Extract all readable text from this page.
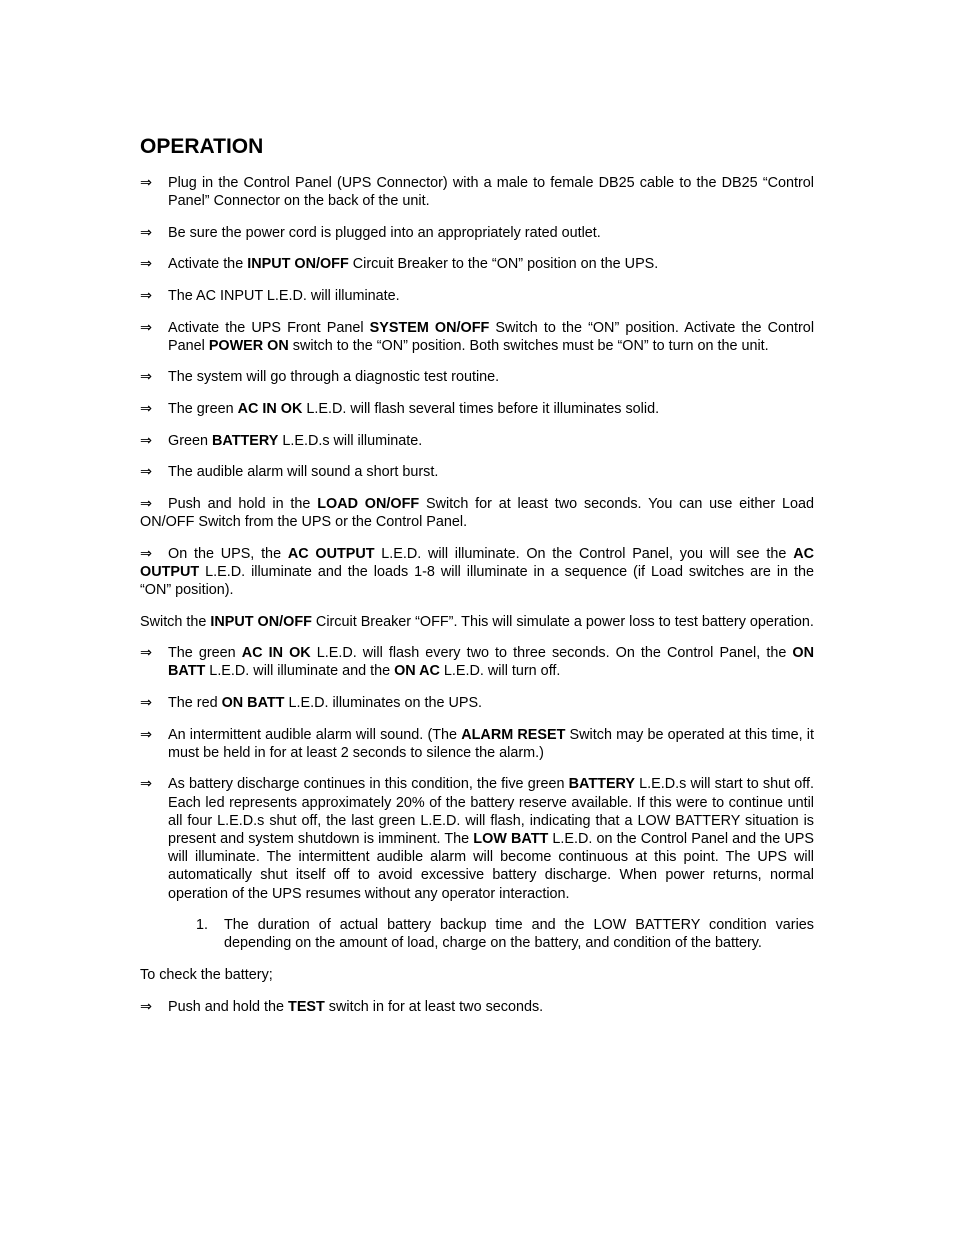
OPERATION
⇒	Plug in the Control Panel (UPS Connector) with a male to female DB25 cable to the DB25 “Control Panel” Connector on the back of the unit.
⇒	Be sure the power cord is plugged into an appropriately rated outlet.
⇒	Activate the INPUT ON/OFF Circuit Breaker to the “ON” position on the UPS.
⇒	The AC INPUT L.E.D. will illuminate.
⇒	Activate the UPS Front Panel SYSTEM ON/OFF Switch to the “ON” position. Activate the Control Panel POWER ON switch to the “ON” position. Both switches must be “ON” to turn on the unit.
⇒	The system will go through a diagnostic test routine.
⇒	The green AC IN OK L.E.D. will flash several times before it illuminates solid.
⇒	Green BATTERY L.E.D.s will illuminate.
⇒	The audible alarm will sound a short burst.
⇒ Push and hold in the LOAD ON/OFF Switch for at least two seconds. You can use either Load ON/OFF Switch from the UPS or the Control Panel.
⇒ On the UPS, the AC OUTPUT L.E.D. will illuminate. On the Control Panel, you will see the AC OUTPUT L.E.D. illuminate and the loads 1-8 will illuminate in a sequence (if Load switches are in the “ON” position).
Switch the INPUT ON/OFF Circuit Breaker “OFF”. This will simulate a power loss to test battery operation.
⇒	The green AC IN OK L.E.D. will flash every two to three seconds. On the Control Panel, the ON BATT L.E.D. will illuminate and the ON AC L.E.D. will turn off.
⇒	The red ON BATT L.E.D. illuminates on the UPS.
⇒	An intermittent audible alarm will sound. (The ALARM RESET Switch may be operated at this time, it must be held in for at least 2 seconds to silence the alarm.)
⇒	As battery discharge continues in this condition, the five green BATTERY L.E.D.s will start to shut off. Each led represents approximately 20% of the battery reserve available. If this were to continue until all four L.E.D.s shut off, the last green L.E.D. will flash, indicating that a LOW BATTERY situation is present and system shutdown is imminent. The LOW BATT L.E.D. on the Control Panel and the UPS will illuminate. The intermittent audible alarm will become continuous at this point. The UPS will automatically shut itself off to avoid excessive battery discharge. When power returns, normal operation of the UPS resumes without any operator interaction.
1. The duration of actual battery backup time and the LOW BATTERY condition varies depending on the amount of load, charge on the battery, and condition of the battery.
To check the battery;
⇒	Push and hold the TEST switch in for at least two seconds.
